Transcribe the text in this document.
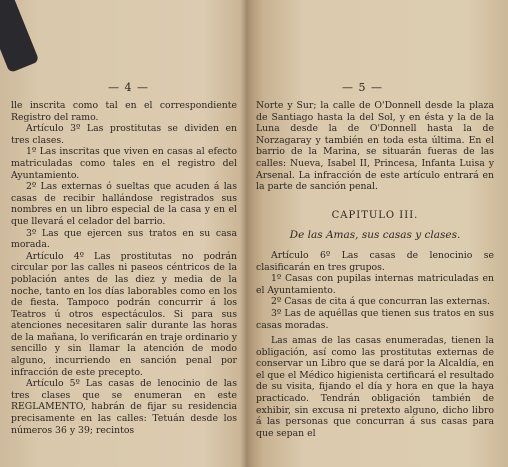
— 4 —

lle inscrita como tal en el correspondiente Registro del ramo.

Artículo 3º Las prostitutas se dividen en tres clases.

1º Las inscritas que viven en casas al efecto matriculadas como tales en el registro del Ayuntamiento.

2º Las externas ó sueltas que acuden á las casas de recibir hallándose registrados sus nombres en un libro especial de la casa y en el que llevará el celador del barrio.

3º Las que ejercen sus tratos en su casa morada.

Artículo 4º Las prostitutas no podrán circular por las calles ni paseos céntricos de la población antes de las diez y media de la noche, tanto en los días laborables como en los de fiesta. Tampoco podrán concurrir á los Teatros ú otros espectáculos. Si para sus atenciones necesitaren salir durante las horas de la mañana, lo verificarán en traje ordinario y sencillo y sin llamar la atención de modo alguno, incurriendo en sanción penal por infracción de este precepto.

Artículo 5º Las casas de lenocinio de las tres clases que se enumeran en este REGLAMENTO, habrán de fijar su residencia precisamente en las calles: Tetuán desde los números 36 y 39; recintos

— 5 —

Norte y Sur; la calle de O'Donnell desde la plaza de Santiago hasta la del Sol, y en ésta y la de la Luna desde la de O'Donnell hasta la de Norzagaray y también en toda esta última. En el barrio de la Marina, se situarán fueras de las calles: Nueva, Isabel II, Princesa, Infanta Luisa y Arsenal. La infracción de este artículo entrará en la parte de sanción penal.

CAPITULO III.

De las Amas, sus casas y clases.

Artículo 6º Las casas de lenocinio se clasificarán en tres grupos.

1º Casas con pupilas internas matriculadas en el Ayuntamiento.

2º Casas de cita á que concurran las externas.

3º Las de aquéllas que tienen sus tratos en sus casas moradas.

Las amas de las casas enumeradas, tienen la obligación, así como las prostitutas externas de conservar un Libro que se dará por la Alcaldía, en el que el Médico higienista certificará el resultado de su visita, fijando el día y hora en que la haya practicado. Tendrán obligación también de exhibir, sin excusa ni pretexto alguno, dicho libro á las personas que concurran á sus casas para que sepan el
